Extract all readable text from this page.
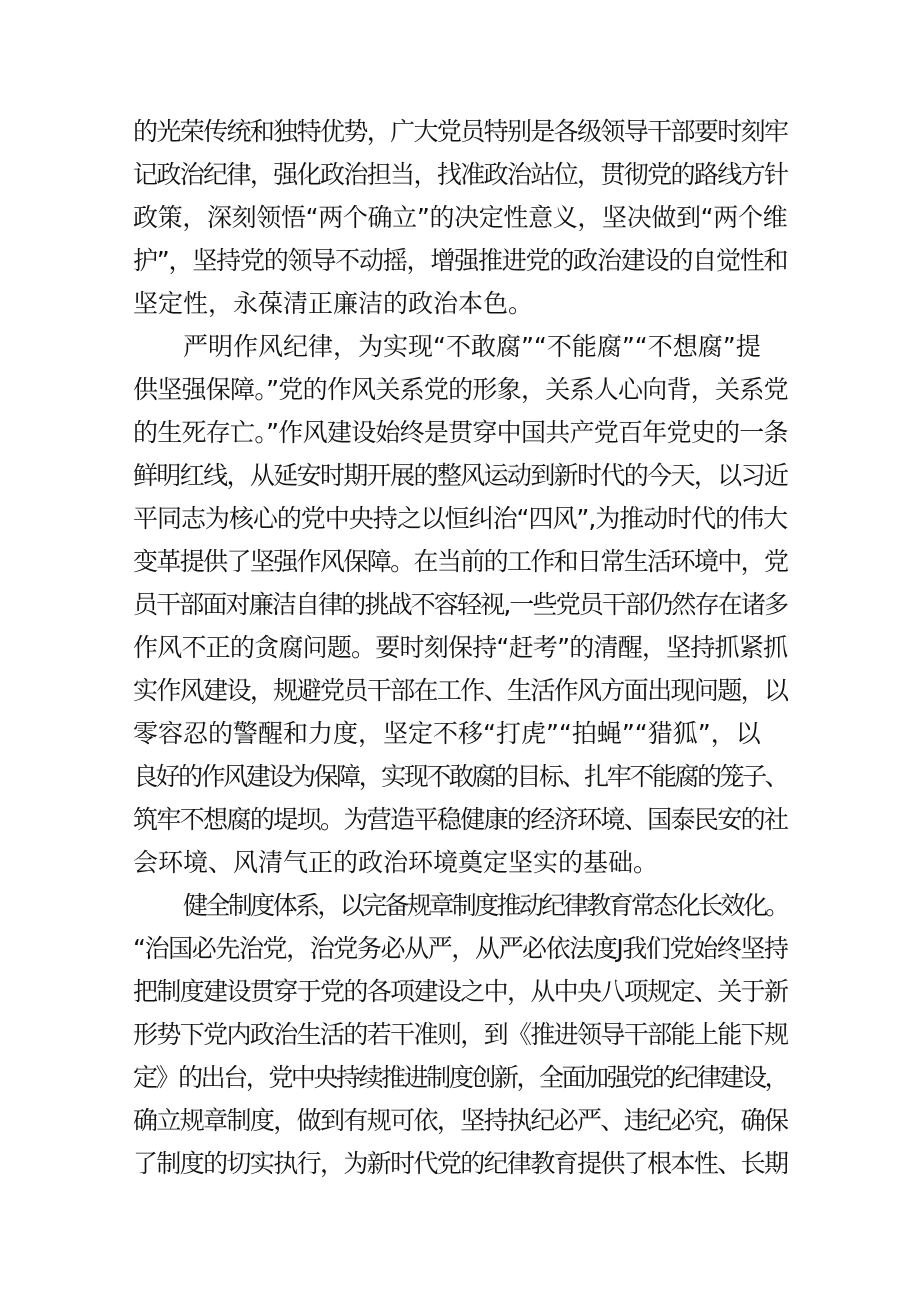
的光荣传统和独特优势，广大党员特别是各级领导干部要时刻牢
记政治纪律，强化政治担当，找准政治站位，贯彻党的路线方针
政策，深刻领悟“两个确立”的决定性意义，坚决做到“两个维
护”，坚持党的领导不动摇，增强推进党的政治建设的自觉性和
坚定性，永葆清正廉洁的政治本色。
严明作风纪律，为实现“不敢腐”“不能腐”“不想腐”提
供坚强保障。”党的作风关系党的形象，关系人心向背，关系党
的生死存亡。”作风建设始终是贯穿中国共产党百年党史的一条
鲜明红线，从延安时期开展的整风运动到新时代的今天，以习近
平同志为核心的党中央持之以恒纠治“四风”,为推动时代的伟大
变革提供了坚强作风保障。在当前的工作和日常生活环境中，党
员干部面对廉洁自律的挑战不容轻视,一些党员干部仍然存在诸多
作风不正的贪腐问题。要时刻保持“赶考”的清醒，坚持抓紧抓
实作风建设，规避党员干部在工作、生活作风方面出现问题，以
零容忍的警醒和力度，坚定不移“打虎”“拍蝇”“猎狐”，以
良好的作风建设为保障，实现不敢腐的目标、扎牢不能腐的笼子、
筑牢不想腐的堤坝。为营造平稳健康的经济环境、国泰民安的社
会环境、风清气正的政治环境奠定坚实的基础。
健全制度体系，以完备规章制度推动纪律教育常态化长效化。
“治国必先治党，治党务必从严，从严必依法度J我们党始终坚持
把制度建设贯穿于党的各项建设之中，从中央八项规定、关于新
形势下党内政治生活的若干准则，到《推进领导干部能上能下规
定》的出台，党中央持续推进制度创新，全面加强党的纪律建设，
确立规章制度，做到有规可依，坚持执纪必严、违纪必究，确保
了制度的切实执行，为新时代党的纪律教育提供了根本性、长期
